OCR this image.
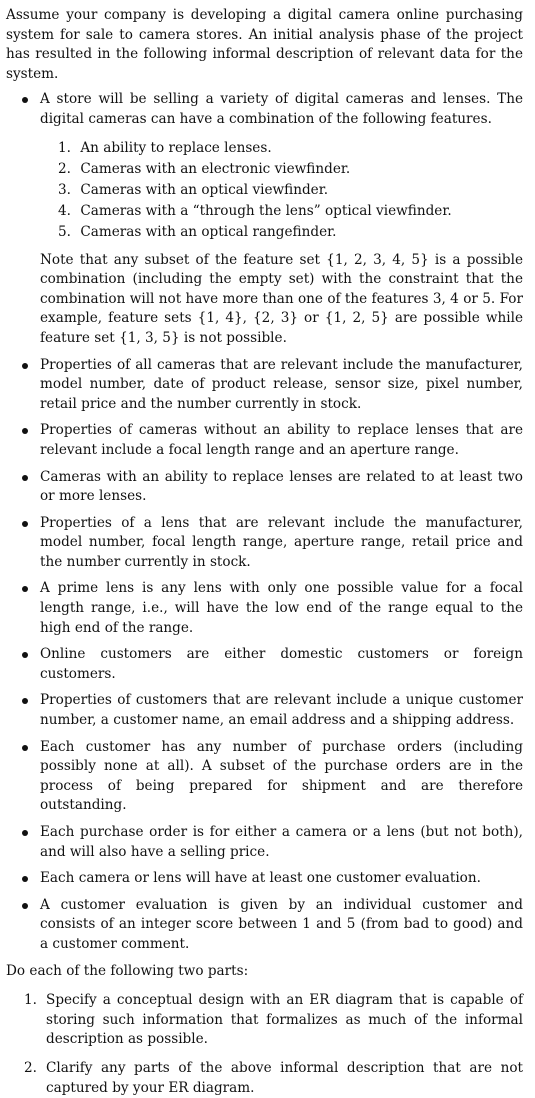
Assume your company is developing a digital camera online purchasing system for sale to camera stores. An initial analysis phase of the project has resulted in the following informal description of relevant data for the system.

A store will be selling a variety of digital cameras and lenses. The digital cameras can have a combination of the following features.

1. An ability to replace lenses.
2. Cameras with an electronic viewfinder.
3. Cameras with an optical viewfinder.
4. Cameras with a “through the lens” optical viewfinder.
5. Cameras with an optical rangefinder.

Note that any subset of the feature set {1, 2, 3, 4, 5} is a possible combination (including the empty set) with the constraint that the combination will not have more than one of the features 3, 4 or 5. For example, feature sets {1, 4}, {2, 3} or {1, 2, 5} are possible while feature set {1, 3, 5} is not possible.

Properties of all cameras that are relevant include the manufacturer, model number, date of product release, sensor size, pixel number, retail price and the number currently in stock.

Properties of cameras without an ability to replace lenses that are relevant include a focal length range and an aperture range.

Cameras with an ability to replace lenses are related to at least two or more lenses.

Properties of a lens that are relevant include the manufacturer, model number, focal length range, aperture range, retail price and the number currently in stock.

A prime lens is any lens with only one possible value for a focal length range, i.e., will have the low end of the range equal to the high end of the range.

Online customers are either domestic customers or foreign customers.

Properties of customers that are relevant include a unique customer number, a customer name, an email address and a shipping address.

Each customer has any number of purchase orders (including possibly none at all). A subset of the purchase orders are in the process of being prepared for shipment and are therefore outstanding.

Each purchase order is for either a camera or a lens (but not both), and will also have a selling price.

Each camera or lens will have at least one customer evaluation.

A customer evaluation is given by an individual customer and consists of an integer score between 1 and 5 (from bad to good) and a customer comment.

Do each of the following two parts:

1. Specify a conceptual design with an ER diagram that is capable of storing such information that formalizes as much of the informal description as possible.
2. Clarify any parts of the above informal description that are not captured by your ER diagram.
